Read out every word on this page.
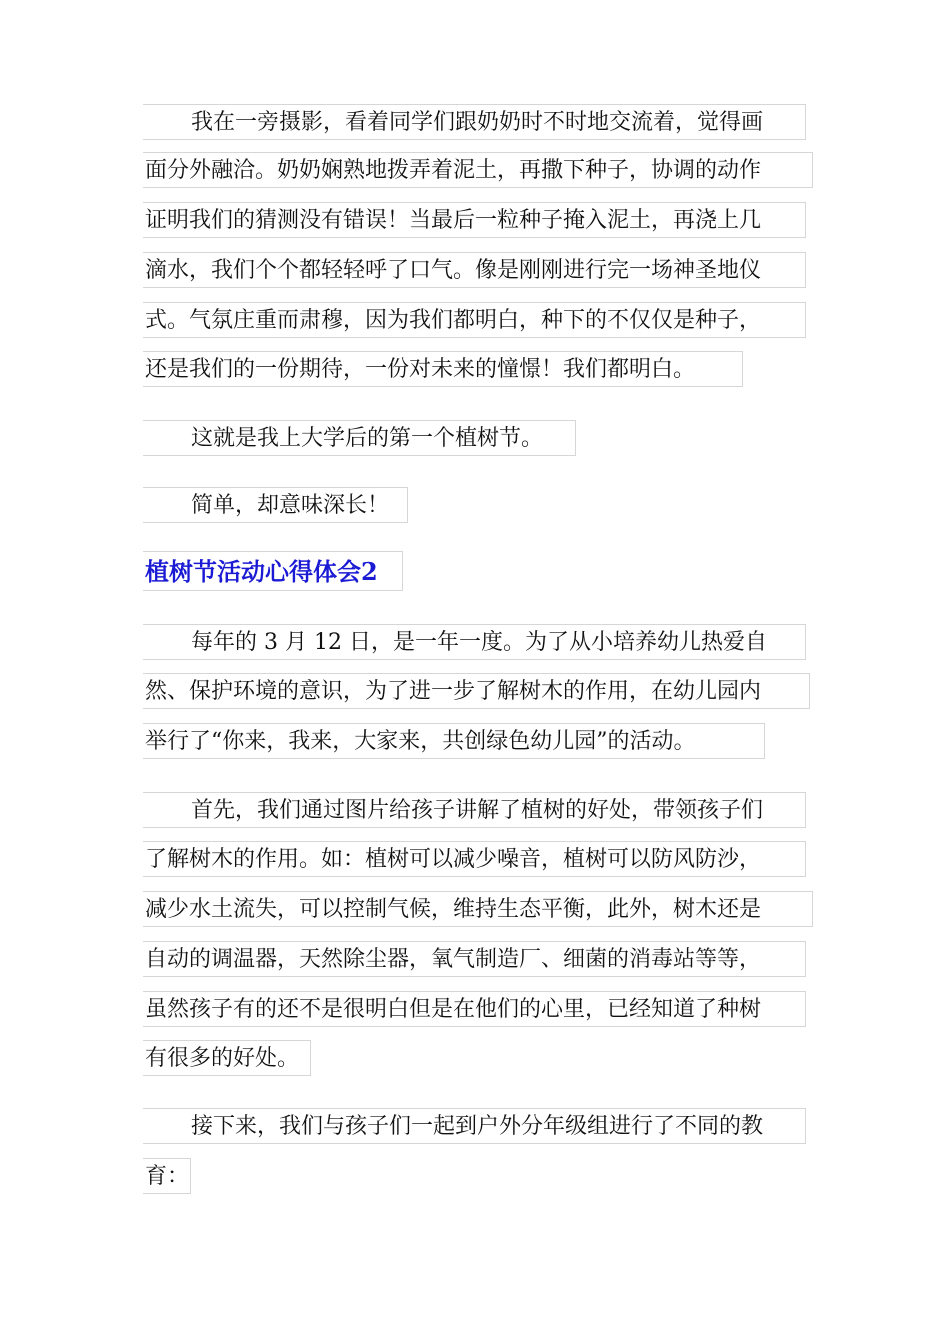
我在一旁摄影，看着同学们跟奶奶时不时地交流着，觉得画
面分外融洽。奶奶娴熟地拨弄着泥土，再撒下种子，协调的动作
证明我们的猜测没有错误！当最后一粒种子掩入泥土，再浇上几
滴水，我们个个都轻轻呼了口气。像是刚刚进行完一场神圣地仪
式。气氛庄重而肃穆，因为我们都明白，种下的不仅仅是种子，
还是我们的一份期待，一份对未来的憧憬！我们都明白。
这就是我上大学后的第一个植树节。
简单，却意味深长！
植树节活动心得体会2
每年的 3 月 12 日，是一年一度。为了从小培养幼儿热爱自
然、保护环境的意识，为了进一步了解树木的作用，在幼儿园内
举行了“你来，我来，大家来，共创绿色幼儿园”的活动。
首先，我们通过图片给孩子讲解了植树的好处，带领孩子们
了解树木的作用。如：植树可以减少噪音，植树可以防风防沙，
减少水土流失，可以控制气候，维持生态平衡，此外，树木还是
自动的调温器，天然除尘器，氧气制造厂、细菌的消毒站等等，
虽然孩子有的还不是很明白但是在他们的心里，已经知道了种树
有很多的好处。
接下来，我们与孩子们一起到户外分年级组进行了不同的教
育：
